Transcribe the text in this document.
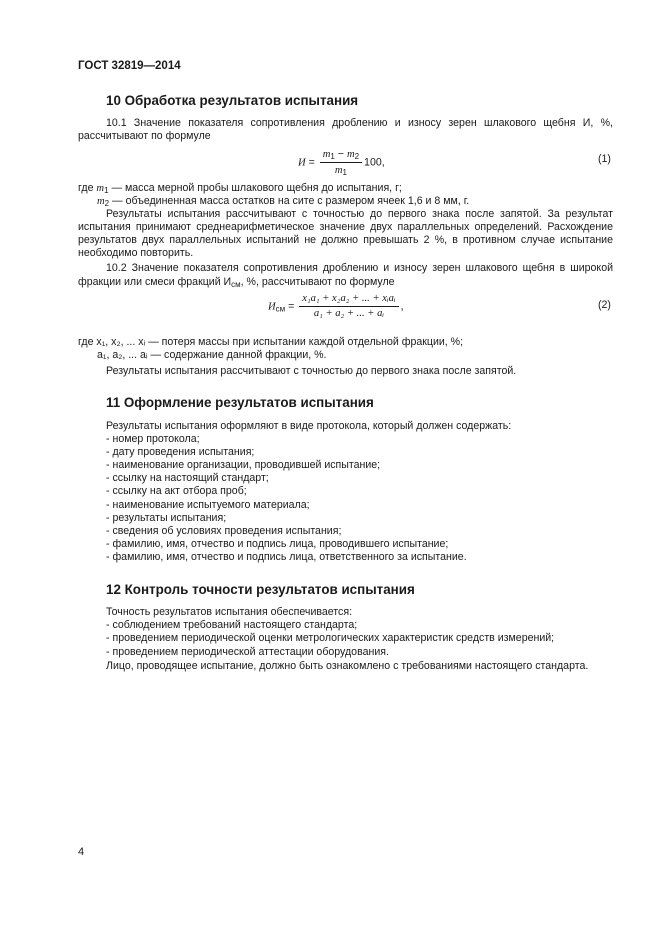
ГОСТ 32819—2014
10 Обработка результатов испытания
10.1 Значение показателя сопротивления дроблению и износу зерен шлакового щебня И, %,
рассчитывают по формуле
$И = \frac{m_1 - m_2}{m_1} 100$,	(1)
где $m_1$ — масса мерной пробы шлакового щебня до испытания, г;
$m_2$ — объединенная масса остатков на сите с размером ячеек 1,6 и 8 мм, г.
Результаты испытания рассчитывают с точностью до первого знака после запятой. За результат
испытания принимают среднеарифметическое значение двух параллельных определений. Расхождение
результатов двух параллельных испытаний не должно превышать 2 %, в противном случае испытание
необходимо повторить.
10.2 Значение показателя сопротивления дроблению и износу зерен шлакового щебня в широкой
фракции или смеси фракций $И_{см}$, %, рассчитывают по формуле
$И_{см} = \frac{\text{x₁a₁ + x₂a₂ + ... + xᵢaᵢ}}{\text{a₁ + a₂ + ... + aᵢ}}$ ,	(2)
где x₁, x₂, ... xᵢ — потеря массы при испытании каждой отдельной фракции, %;
a₁, a₂, ... aᵢ — содержание данной фракции, %.
Результаты испытания рассчитывают с точностью до первого знака после запятой.
11 Оформление результатов испытания
Результаты испытания оформляют в виде протокола, который должен содержать:
- номер протокола;
- дату проведения испытания;
- наименование организации, проводившей испытание;
- ссылку на настоящий стандарт;
- ссылку на акт отбора проб;
- наименование испытуемого материала;
- результаты испытания;
- сведения об условиях проведения испытания;
- фамилию, имя, отчество и подпись лица, проводившего испытание;
- фамилию, имя, отчество и подпись лица, ответственного за испытание.
12 Контроль точности результатов испытания
Точность результатов испытания обеспечивается:
- соблюдением требований настоящего стандарта;
- проведением периодической оценки метрологических характеристик средств измерений;
- проведением периодической аттестации оборудования.
Лицо, проводящее испытание, должно быть ознакомлено с требованиями настоящего стандарта.
4
